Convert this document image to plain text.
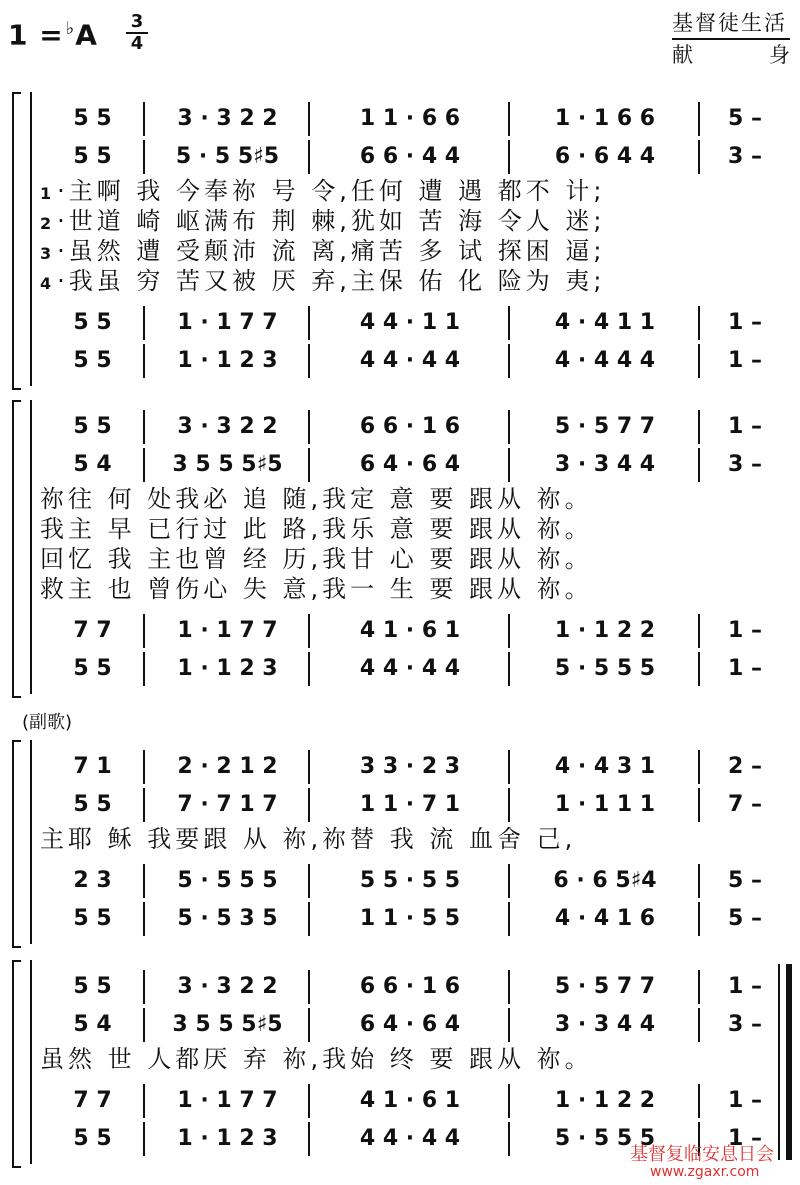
1 = ♭A 3
4
基督徒生活
献	身
5 5	3 · 3 2 2	1 1 · 6 6	1 · 1 6 6	5 –
5 5	5 · 5 5♯5	6 6 · 4 4	6 · 6 4 4	3 –
1·主啊 我 今奉祢 号 令,任何 遭 遇 都不 计;
2·世道 崎 岖满布 荆 棘,犹如 苦 海 令人 迷;
3·虽然 遭 受颠沛 流 离,痛苦 多 试 探困 逼;
4·我虽 穷 苦又被 厌 弃,主保 佑 化 险为 夷;
5 5	1 · 1 7 7	4 4 · 1 1	4 · 4 1 1	1 –
5 5	1 · 1 2 3	4 4 · 4 4	4 · 4 4 4	1 –
5 5	3 · 3 2 2	6 6 · 1 6	5 · 5 7 7	1 –
5 4	3 5 5 5♯5	6 4 · 6 4	3 · 3 4 4	3 –
祢往 何 处我必 追 随,我定 意 要 跟从 祢。
我主 早 已行过 此 路,我乐 意 要 跟从 祢。
回忆 我 主也曾 经 历,我甘 心 要 跟从 祢。
救主 也 曾伤心 失 意,我一 生 要 跟从 祢。
7 7	1 · 1 7 7	4 1 · 6 1	1 · 1 2 2	1 –
5 5	1 · 1 2 3	4 4 · 4 4	5 · 5 5 5	1 –
(副歌)
7 1	2 · 2 1 2	3 3 · 2 3	4 · 4 3 1	2 –
5 5	7 · 7 1 7	1 1 · 7 1	1 · 1 1 1	7 –
主耶 稣 我要跟 从 祢,祢替 我 流 血舍 己,
2 3	5 · 5 5 5	5 5 · 5 5	6 · 6 5♯4	5 –
5 5	5 · 5 3 5	1 1 · 5 5	4 · 4 1 6	5 –
5 5	3 · 3 2 2	6 6 · 1 6	5 · 5 7 7	1 –
5 4	3 5 5 5♯5	6 4 · 6 4	3 · 3 4 4	3 –
虽然 世 人都厌 弃 祢,我始 终 要 跟从 祢。
7 7	1 · 1 7 7	4 1 · 6 1	1 · 1 2 2	1 –
5 5	1 · 1 2 3	4 4 · 4 4	5 · 5 5 5	1 –
基督复临安息日会
www.zgaxr.com
